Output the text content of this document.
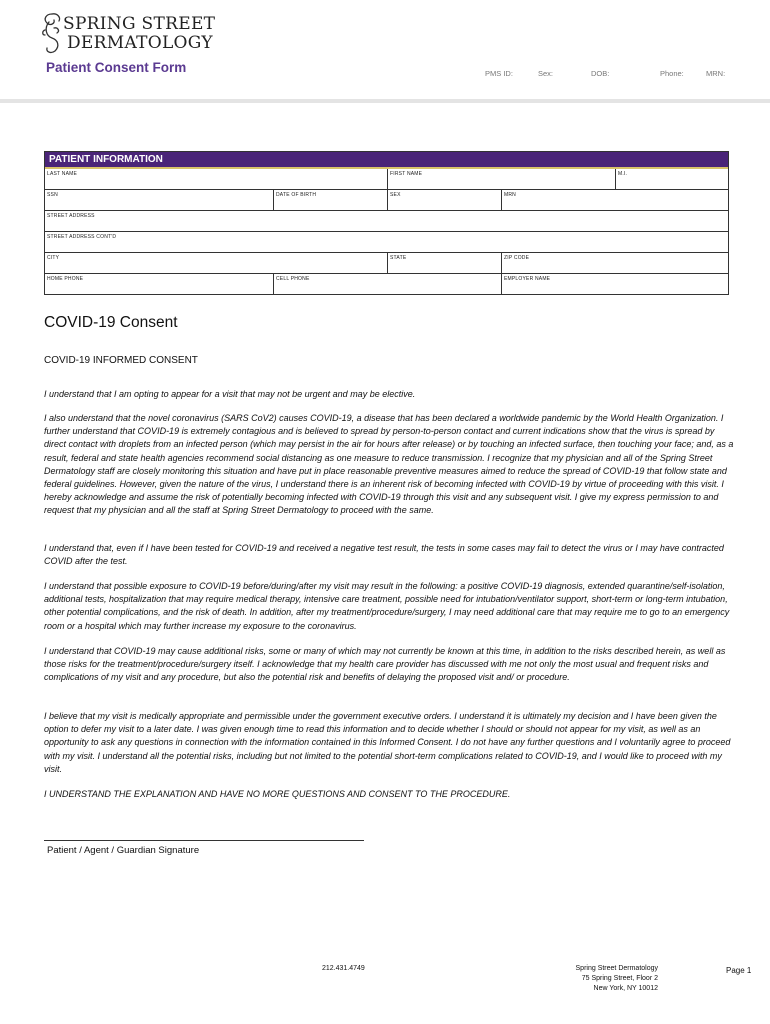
SPRING STREET
DERMATOLOGY
Patient Consent Form	PMS ID:	Sex:	DOB:	Phone:	MRN:
PATIENT INFORMATION
LAST NAME	FIRST NAME	M.I.
SSN	DATE OF BIRTH	SEX	MRN
STREET ADDRESS
STREET ADDRESS CONT'D
CITY	STATE	ZIP CODE
HOME PHONE	CELL PHONE	EMPLOYER NAME
COVID-19 Consent
COVID-19 INFORMED CONSENT

I understand that I am opting to appear for a visit that may not be urgent and may be elective.

I also understand that the novel coronavirus (SARS CoV2) causes COVID-19, a disease that has been declared a worldwide pandemic by the World Health Organization. I further understand that COVID-19 is extremely contagious and is believed to spread by person-to-person contact and current indications show that the virus is spread by direct contact with droplets from an infected person (which may persist in the air for hours after release) or by touching an infected surface, then touching your face; and, as a result, federal and state health agencies recommend social distancing as one measure to reduce transmission. I recognize that my physician and all of the Spring Street Dermatology staff are closely monitoring this situation and have put in place reasonable preventive measures aimed to reduce the spread of COVID-19 that follow state and federal guidelines. However, given the nature of the virus, I understand there is an inherent risk of becoming infected with COVID-19 by virtue of proceeding with this visit. I hereby acknowledge and assume the risk of potentially becoming infected with COVID-19 through this visit and any subsequent visit. I give my express permission to and request that my physician and all the staff at Spring Street Dermatology to proceed with the same.

I understand that, even if I have been tested for COVID-19 and received a negative test result, the tests in some cases may fail to detect the virus or I may have contracted COVID after the test.

I understand that possible exposure to COVID-19 before/during/after my visit may result in the following: a positive COVID-19 diagnosis, extended quarantine/self-isolation, additional tests, hospitalization that may require medical therapy, intensive care treatment, possible need for intubation/ventilator support, short-term or long-term intubation, other potential complications, and the risk of death. In addition, after my treatment/procedure/surgery, I may need additional care that may require me to go to an emergency room or a hospital which may further increase my exposure to the coronavirus.

I understand that COVID-19 may cause additional risks, some or many of which may not currently be known at this time, in addition to the risks described herein, as well as those risks for the treatment/procedure/surgery itself. I acknowledge that my health care provider has discussed with me not only the most usual and frequent risks and complications of my visit and any procedure, but also the potential risk and benefits of delaying the proposed visit and/ or procedure.

I believe that my visit is medically appropriate and permissible under the government executive orders. I understand it is ultimately my decision and I have been given the option to defer my visit to a later date. I was given enough time to read this information and to decide whether I should or should not appear for my visit, as well as an opportunity to ask any questions in connection with the information contained in this Informed Consent. I do not have any further questions and I voluntarily agree to proceed with my visit. I understand all the potential risks, including but not limited to the potential short-term complications related to COVID-19, and I would like to proceed with my visit.

I UNDERSTAND THE EXPLANATION AND HAVE NO MORE QUESTIONS AND CONSENT TO THE PROCEDURE.

Patient / Agent / Guardian Signature
212.431.4749	Spring Street Dermatology
75 Spring Street, Floor 2
New York, NY 10012
Page 1
